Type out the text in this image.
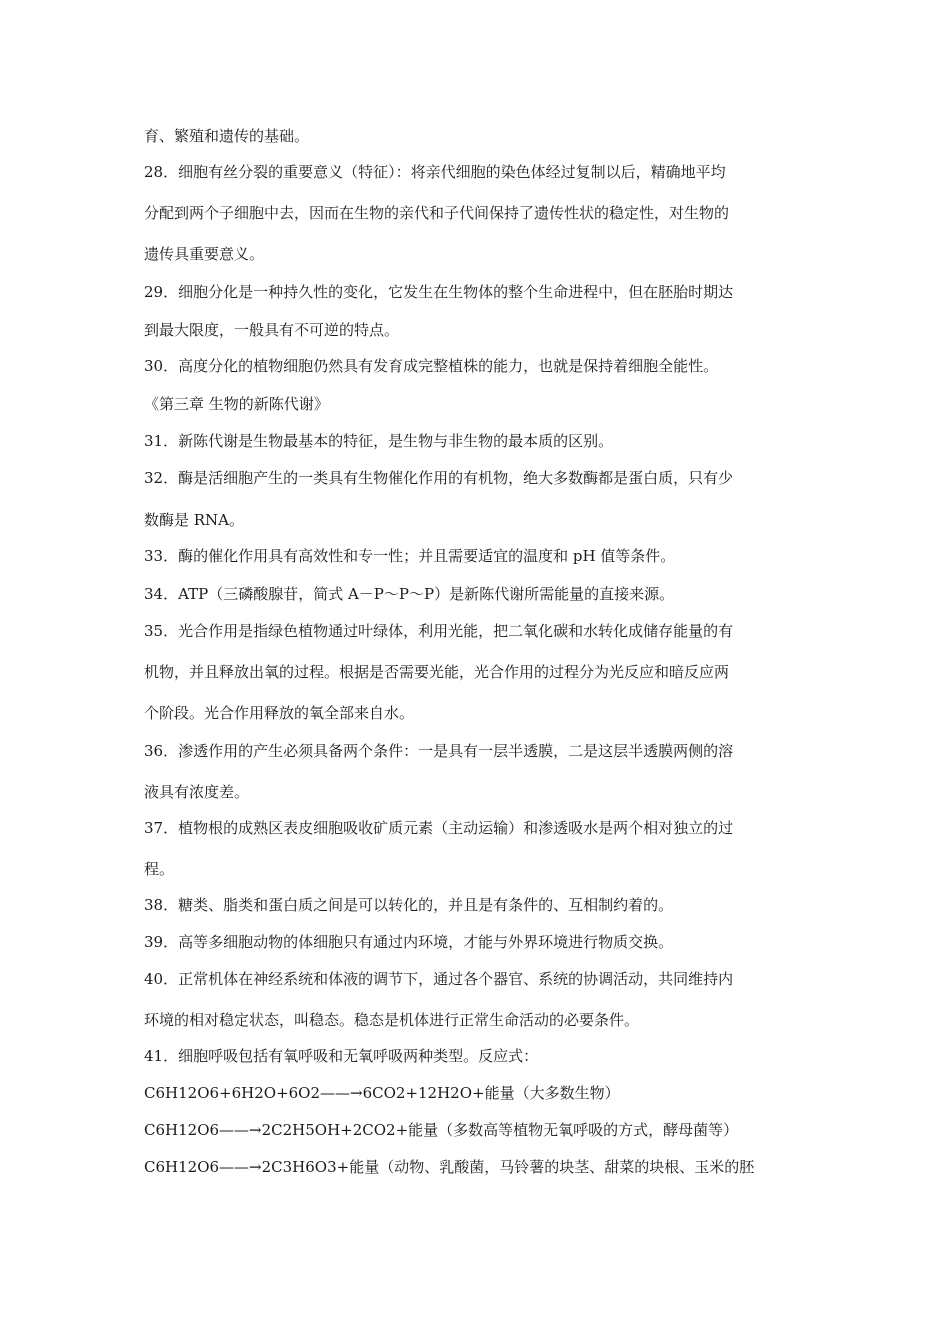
育、繁殖和遗传的基础。
28．细胞有丝分裂的重要意义（特征）：将亲代细胞的染色体经过复制以后，精确地平均
分配到两个子细胞中去，因而在生物的亲代和子代间保持了遗传性状的稳定性，对生物的
遗传具重要意义。
29．细胞分化是一种持久性的变化，它发生在生物体的整个生命进程中，但在胚胎时期达
到最大限度，一般具有不可逆的特点。
30．高度分化的植物细胞仍然具有发育成完整植株的能力，也就是保持着细胞全能性。
《第三章 生物的新陈代谢》
31．新陈代谢是生物最基本的特征，是生物与非生物的最本质的区别。
32．酶是活细胞产生的一类具有生物催化作用的有机物，绝大多数酶都是蛋白质，只有少
数酶是 RNA。
33．酶的催化作用具有高效性和专一性；并且需要适宜的温度和 pH 值等条件。
34．ATP（三磷酸腺苷，简式 A－P～P～P）是新陈代谢所需能量的直接来源。
35．光合作用是指绿色植物通过叶绿体，利用光能，把二氧化碳和水转化成储存能量的有
机物，并且释放出氧的过程。根据是否需要光能，光合作用的过程分为光反应和暗反应两
个阶段。光合作用释放的氧全部来自水。
36．渗透作用的产生必须具备两个条件：一是具有一层半透膜，二是这层半透膜两侧的溶
液具有浓度差。
37．植物根的成熟区表皮细胞吸收矿质元素（主动运输）和渗透吸水是两个相对独立的过
程。
38．糖类、脂类和蛋白质之间是可以转化的，并且是有条件的、互相制约着的。
39．高等多细胞动物的体细胞只有通过内环境，才能与外界环境进行物质交换。
40．正常机体在神经系统和体液的调节下，通过各个器官、系统的协调活动，共同维持内
环境的相对稳定状态，叫稳态。稳态是机体进行正常生命活动的必要条件。
41．细胞呼吸包括有氧呼吸和无氧呼吸两种类型。反应式：
C6H12O6+6H2O+6O2——→6CO2+12H2O+能量（大多数生物）
C6H12O6——→2C2H5OH+2CO2+能量（多数高等植物无氧呼吸的方式，酵母菌等）
C6H12O6——→2C3H6O3+能量（动物、乳酸菌，马铃薯的块茎、甜菜的块根、玉米的胚
